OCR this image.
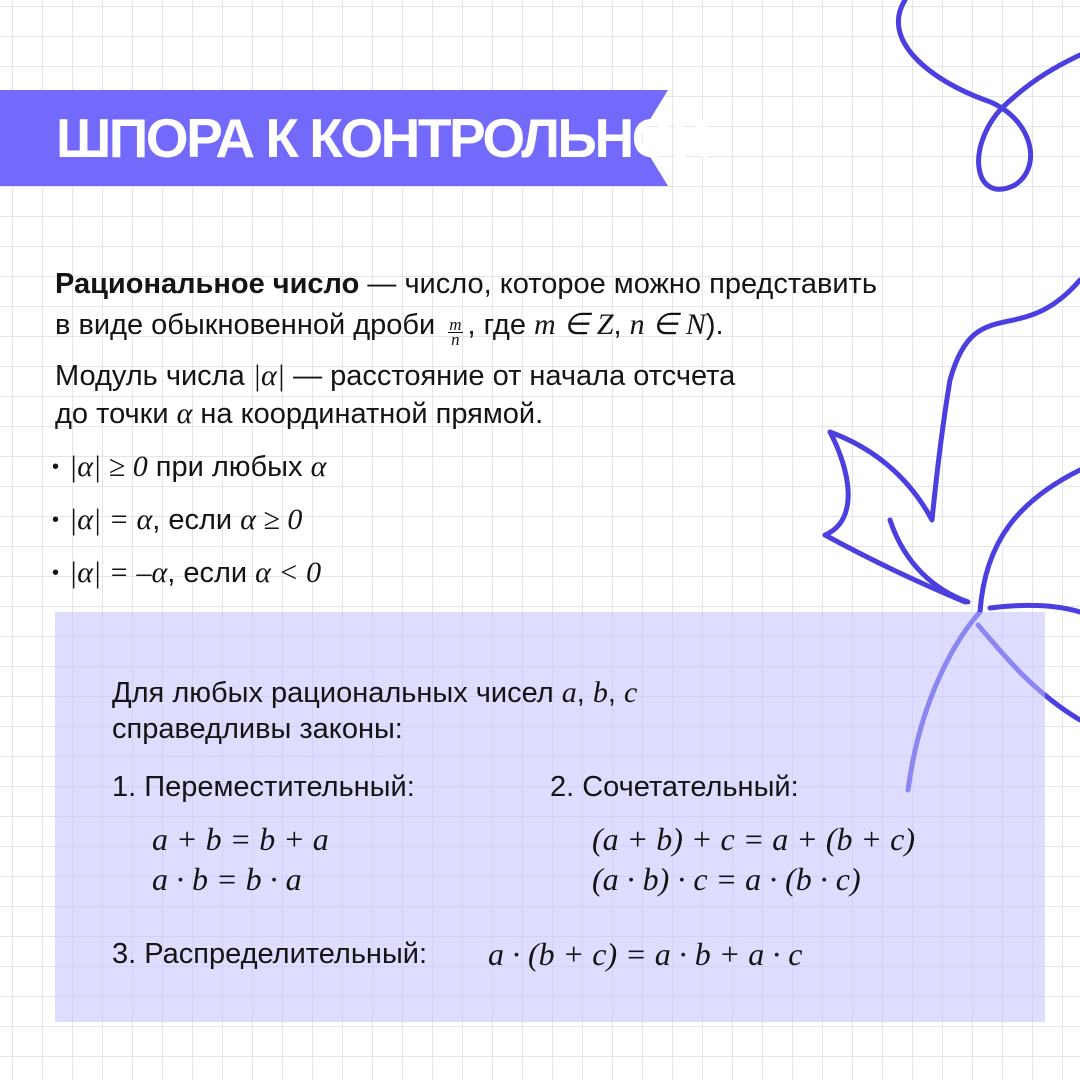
ШПОРА К КОНТРОЛЬНОЙ

Рациональное число — число, которое можно представить

в виде обыкновенной дроби $\frac{m}{n}$ , где m ∈ Z, n ∈ N).

Модуль числа |α| — расстояние от начала отсчета

до точки α на координатной прямой.

• |α| ≥ 0 при любых α
• |α| = α, если α ≥ 0
• |α| = –α, если α < 0
Для любых рациональных чисел a, b, c
справедливы законы:
1. Переместительный:
a + b = b + a
a · b = b · a
2. Сочетательный:
(a + b) + c = a + (b + c)
(a · b) · c = a · (b · c)
3. Распределительный: a · (b + c) = a · b + a · c
